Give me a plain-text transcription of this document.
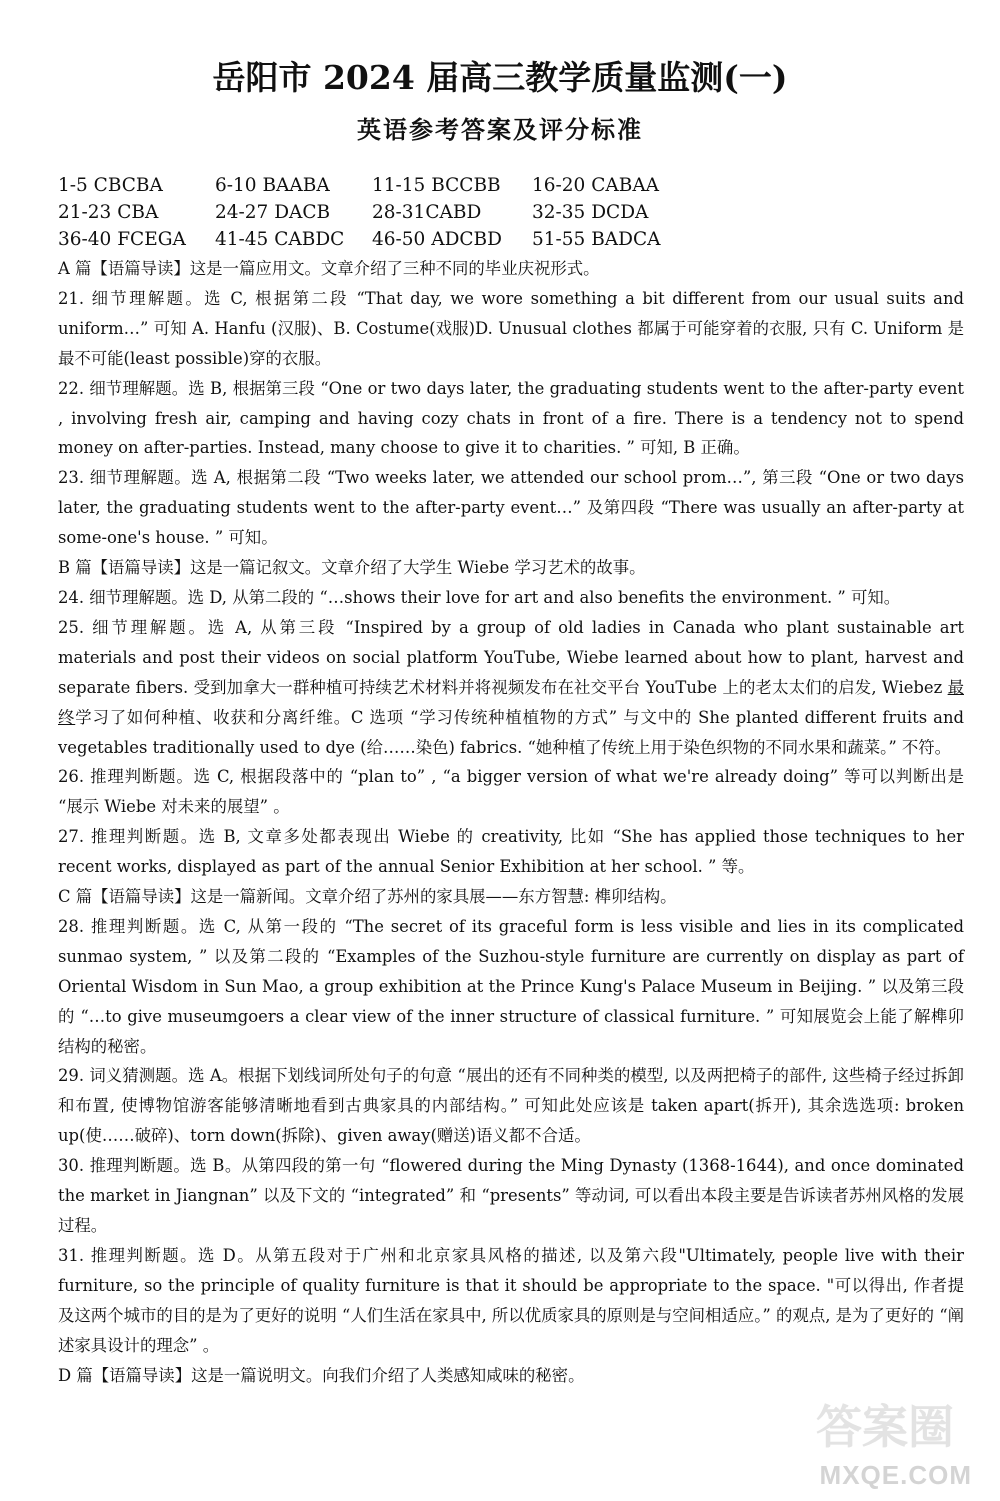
岳阳市 2024 届高三教学质量监测(一)
英语参考答案及评分标准
1-5 CBCBA	6-10 BAABA 11-15 BCCBB 16-20 CABAA
21-23 CBA	24-27 DACB 28-31CABD	32-35 DCDA
36-40 FCEGA 41-45 CABDC 46-50 ADCBD 51-55 BADCA

A 篇【语篇导读】这是一篇应用文。文章介绍了三种不同的毕业庆祝形式。

21. 细节理解题。选 C, 根据第二段 “That day, we wore something a bit different from our usual suits and uniform…” 可知 A. Hanfu (汉服)、B. Costume(戏服)D. Unusual clothes 都属于可能穿着的衣服, 只有 C. Uniform 是最不可能(least possible)穿的衣服。

22. 细节理解题。选 B, 根据第三段 “One or two days later, the graduating students went to the after-party event , involving fresh air, camping and having cozy chats in front of a fire. There is a tendency not to spend money on after-parties. Instead, many choose to give it to charities. ” 可知, B 正确。

23. 细节理解题。选 A, 根据第二段 “Two weeks later, we attended our school prom…”, 第三段 “One or two days later, the graduating students went to the after-party event…” 及第四段 “There was usually an after-party at some-one's house. ” 可知。

B 篇【语篇导读】这是一篇记叙文。文章介绍了大学生 Wiebe 学习艺术的故事。

24. 细节理解题。选 D, 从第二段的 “…shows their love for art and also benefits the environment. ” 可知。

25. 细节理解题。选 A, 从第三段 “Inspired by a group of old ladies in Canada who plant sustainable art materials and post their videos on social platform YouTube, Wiebe learned about how to plant, harvest and separate fibers. 受到加拿大一群种植可持续艺术材料并将视频发布在社交平台 YouTube 上的老太太们的启发, Wiebez 最终学习了如何种植、收获和分离纤维。C 选项 “学习传统种植植物的方式” 与文中的 She planted different fruits and vegetables traditionally used to dye (给……染色) fabrics. “她种植了传统上用于染色织物的不同水果和蔬菜。” 不符。

26. 推理判断题。选 C, 根据段落中的 “plan to” , “a bigger version of what we're already doing” 等可以判断出是 “展示 Wiebe 对未来的展望” 。

27. 推理判断题。选 B, 文章多处都表现出 Wiebe 的 creativity, 比如 “She has applied those techniques to her recent works, displayed as part of the annual Senior Exhibition at her school. ” 等。

C 篇【语篇导读】这是一篇新闻。文章介绍了苏州的家具展——东方智慧: 榫卯结构。

28. 推理判断题。选 C, 从第一段的 “The secret of its graceful form is less visible and lies in its complicated sunmao system, ” 以及第二段的 “Examples of the Suzhou-style furniture are currently on display as part of Oriental Wisdom in Sun Mao, a group exhibition at the Prince Kung's Palace Museum in Beijing. ” 以及第三段的 “…to give museumgoers a clear view of the inner structure of classical furniture. ” 可知展览会上能了解榫卯结构的秘密。

29. 词义猜测题。选 A。根据下划线词所处句子的句意 “展出的还有不同种类的模型, 以及两把椅子的部件, 这些椅子经过拆卸和布置, 使博物馆游客能够清晰地看到古典家具的内部结构。” 可知此处应该是 taken apart(拆开), 其余选选项: broken up(使……破碎)、torn down(拆除)、given away(赠送)语义都不合适。

30. 推理判断题。选 B。从第四段的第一句 “flowered during the Ming Dynasty (1368-1644), and once dominated the market in Jiangnan” 以及下文的 “integrated” 和 “presents” 等动词, 可以看出本段主要是告诉读者苏州风格的发展过程。

31. 推理判断题。选 D。从第五段对于广州和北京家具风格的描述, 以及第六段"Ultimately, people live with their furniture, so the principle of quality furniture is that it should be appropriate to the space. "可以得出, 作者提及这两个城市的目的是为了更好的说明 “人们生活在家具中, 所以优质家具的原则是与空间相适应。” 的观点, 是为了更好的 “阐述家具设计的理念” 。

D 篇【语篇导读】这是一篇说明文。向我们介绍了人类感知咸味的秘密。

答案圈
MXQE.COM
